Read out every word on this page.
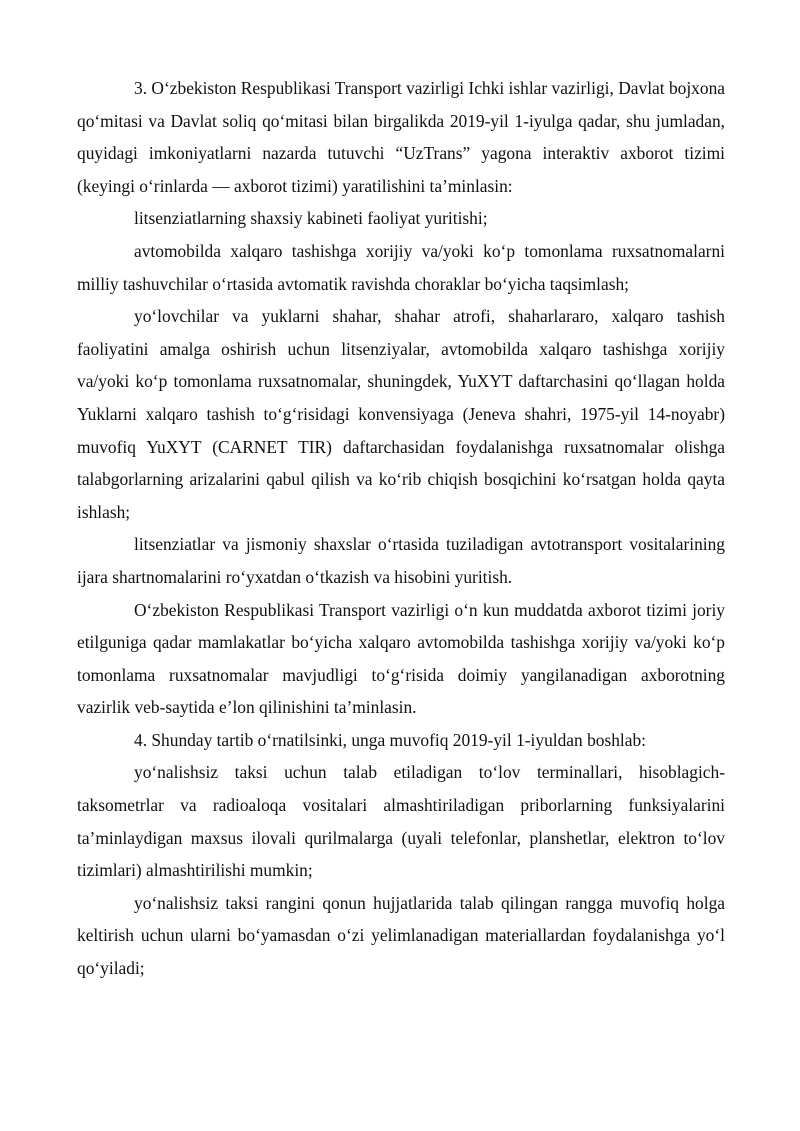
3. O‘zbekiston Respublikasi Transport vazirligi Ichki ishlar vazirligi, Davlat bojxona qo‘mitasi va Davlat soliq qo‘mitasi bilan birgalikda 2019-yil 1-iyulga qadar, shu jumladan, quyidagi imkoniyatlarni nazarda tutuvchi “UzTrans” yagona interaktiv axborot tizimi (keyingi o‘rinlarda — axborot tizimi) yaratilishini ta’minlasin:

litsenziatlarning shaxsiy kabineti faoliyat yuritishi;

avtomobilda xalqaro tashishga xorijiy va/yoki ko‘p tomonlama ruxsatnomalarni milliy tashuvchilar o‘rtasida avtomatik ravishda choraklar bo‘yicha taqsimlash;

yo‘lovchilar va yuklarni shahar, shahar atrofi, shaharlararo, xalqaro tashish faoliyatini amalga oshirish uchun litsenziyalar, avtomobilda xalqaro tashishga xorijiy va/yoki ko‘p tomonlama ruxsatnomalar, shuningdek, YuXYT daftarchasini qo‘llagan holda Yuklarni xalqaro tashish to‘g‘risidagi konvensiyaga (Jeneva shahri, 1975-yil 14-noyabr) muvofiq YuXYT (CARNET TIR) daftarchasidan foydalanishga ruxsatnomalar olishga talabgorlarning arizalarini qabul qilish va ko‘rib chiqish bosqichini ko‘rsatgan holda qayta ishlash;

litsenziatlar va jismoniy shaxslar o‘rtasida tuziladigan avtotransport vositalarining ijara shartnomalarini ro‘yxatdan o‘tkazish va hisobini yuritish.

O‘zbekiston Respublikasi Transport vazirligi o‘n kun muddatda axborot tizimi joriy etilguniga qadar mamlakatlar bo‘yicha xalqaro avtomobilda tashishga xorijiy va/yoki ko‘p tomonlama ruxsatnomalar mavjudligi to‘g‘risida doimiy yangilanadigan axborotning vazirlik veb-saytida e’lon qilinishini ta’minlasin.

4. Shunday tartib o‘rnatilsinki, unga muvofiq 2019-yil 1-iyuldan boshlab:

yo‘nalishsiz taksi uchun talab etiladigan to‘lov terminallari, hisoblagich-taksometrlar va radioaloqa vositalari almashtiriladigan priborlarning funksiyalarini ta’minlaydigan maxsus ilovali qurilmalarga (uyali telefonlar, planshetlar, elektron to‘lov tizimlari) almashtirilishi mumkin;

yo‘nalishsiz taksi rangini qonun hujjatlarida talab qilingan rangga muvofiq holga keltirish uchun ularni bo‘yamasdan o‘zi yelimlanadigan materiallardan foydalanishga yo‘l qo‘yiladi;
